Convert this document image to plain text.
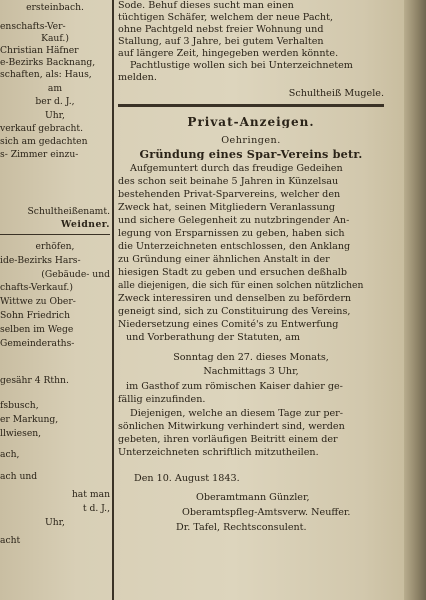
ersteinbach.
enschafts-Ver-
Kauf.)
Christian Häfner
e-Bezirks Backnang,
schaften, als: Haus,
am
ber d. J.,
Uhr,
verkauf gebracht.
sich am gedachten
s- Zimmer einzu-
Schultheißenamt.
Weidner.
erhöfen,
ide-Bezirks Hars-
(Gebäude- und
chafts-Verkauf.)
Wittwe zu Ober-
Sohn Friedrich
selben im Wege
Gemeinderaths-
gesähr 4 Rthn.
fsbusch,
er Markung,
llwiesen,
ach,
ach und
hat man
t d. J.,
Uhr,
acht
Sode. Behuf dieses sucht man einen
tüchtigen Schäfer, welchem der neue Pacht,
ohne Pachtgeld nebst freier Wohnung und
Stallung, auf 3 Jahre, bei gutem Verhalten
auf längere Zeit, hingegeben werden könnte.
Pachtlustige wollen sich bei Unterzeichnetem
melden.
Schultheiß Mugele.
Privat-Anzeigen.
Oehringen.
Gründung eines Spar-Vereins betr.
Aufgemuntert durch das freudige Gedeihen
des schon seit beinahe 5 Jahren in Künzelsau
bestehenden Privat-Sparvereins, welcher den
Zweck hat, seinen Mitgliedern Veranlassung
und sichere Gelegenheit zu nutzbringender An-
legung von Ersparnissen zu geben, haben sich
die Unterzeichneten entschlossen, den Anklang
zu Gründung einer ähnlichen Anstalt in der
hiesigen Stadt zu geben und ersuchen deßhalb
alle diejenigen, die sich für einen solchen nützlichen
Zweck interessiren und denselben zu befördern
geneigt sind, sich zu Constituirung des Vereins,
Niedersetzung eines Comité's zu Entwerfung
und Vorberathung der Statuten, am
Sonntag den 27. dieses Monats,
Nachmittags 3 Uhr,
im Gasthof zum römischen Kaiser dahier ge-
fällig einzufinden.
Diejenigen, welche an diesem Tage zur per-
sönlichen Mitwirkung verhindert sind, werden
gebeten, ihren vorläufigen Beitritt einem der
Unterzeichneten schriftlich mitzutheilen.
Den 10. August 1843.
Oberamtmann Günzler,
Oberamtspfleg-Amtsverw. Neuffer.
Dr. Tafel, Rechtsconsulent.
